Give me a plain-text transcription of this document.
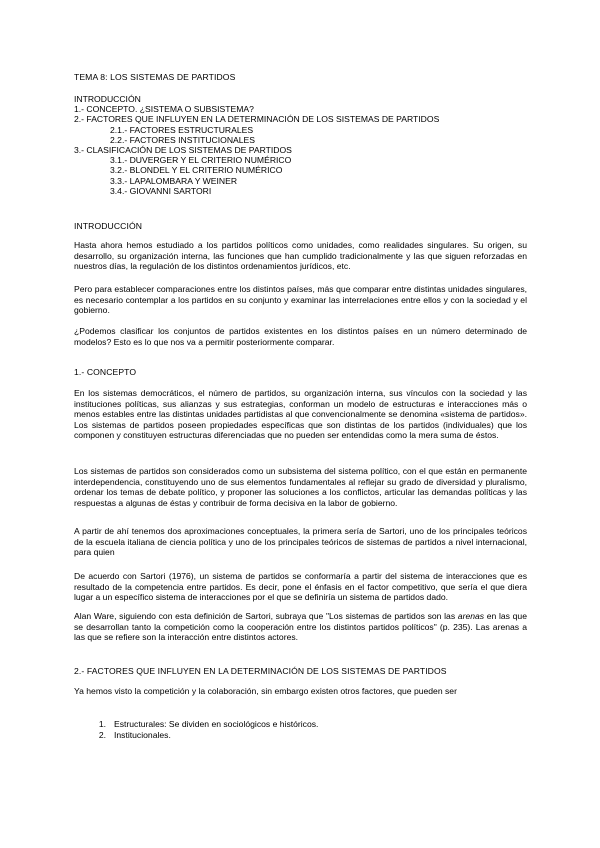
TEMA 8: LOS SISTEMAS DE PARTIDOS
INTRODUCCIÓN
1.- CONCEPTO. ¿SISTEMA O SUBSISTEMA?
2.- FACTORES QUE INFLUYEN EN LA DETERMINACIÓN DE LOS SISTEMAS DE PARTIDOS
2.1.- FACTORES ESTRUCTURALES
2.2.- FACTORES INSTITUCIONALES
3.- CLASIFICACIÓN DE LOS SISTEMAS DE PARTIDOS
3.1.- DUVERGER Y EL CRITERIO NUMÉRICO
3.2.- BLONDEL Y EL CRITERIO NUMÉRICO
3.3.- LAPALOMBARA Y WEINER
3.4.- GIOVANNI SARTORI
INTRODUCCIÓN

Hasta ahora hemos estudiado a los partidos políticos como unidades, como realidades singulares. Su origen, su desarrollo, su organización interna, las funciones que han cumplido tradicionalmente y las que siguen reforzadas en nuestros días, la regulación de los distintos ordenamientos jurídicos, etc.

Pero para establecer comparaciones entre los distintos países, más que comparar entre distintas unidades singulares, es necesario contemplar a los partidos en su conjunto y examinar las interrelaciones entre ellos y con la sociedad y el gobierno.

¿Podemos clasificar los conjuntos de partidos existentes en los distintos países en un número determinado de modelos? Esto es lo que nos va a permitir posteriormente comparar.

1.- CONCEPTO

En los sistemas democráticos, el número de partidos, su organización interna, sus vínculos con la sociedad y las instituciones políticas, sus alianzas y sus estrategias, conforman un modelo de estructuras e interacciones más o menos estables entre las distintas unidades partidistas al que convencionalmente se denomina «sistema de partidos». Los sistemas de partidos poseen propiedades específicas que son distintas de los partidos (individuales) que los componen y constituyen estructuras diferenciadas que no pueden ser entendidas como la mera suma de éstos.

Los sistemas de partidos son considerados como un subsistema del sistema político, con el que están en permanente interdependencia, constituyendo uno de sus elementos fundamentales al reflejar su grado de diversidad y pluralismo, ordenar los temas de debate político, y proponer las soluciones a los conflictos, articular las demandas políticas y las respuestas a algunas de éstas y contribuir de forma decisiva en la labor de gobierno.

A partir de ahí tenemos dos aproximaciones conceptuales, la primera sería de Sartori, uno de los principales teóricos de la escuela italiana de ciencia política y uno de los principales teóricos de sistemas de partidos a nivel internacional, para quien

De acuerdo con Sartori (1976), un sistema de partidos se conformaría a partir del sistema de interacciones que es resultado de la competencia entre partidos. Es decir, pone el énfasis en el factor competitivo, que sería el que diera lugar a un específico sistema de interacciones por el que se definiría un sistema de partidos dado.

Alan Ware, siguiendo con esta definición de Sartori, subraya que "Los sistemas de partidos son las arenas en las que se desarrollan tanto la competición como la cooperación entre los distintos partidos políticos" (p. 235). Las arenas a las que se refiere son la interacción entre distintos actores.

2.- FACTORES QUE INFLUYEN EN LA DETERMINACIÓN DE LOS SISTEMAS DE PARTIDOS

Ya hemos visto la competición y la colaboración, sin embargo existen otros factores, que pueden ser

1. Estructurales: Se dividen en sociológicos e históricos.
2. Institucionales.
